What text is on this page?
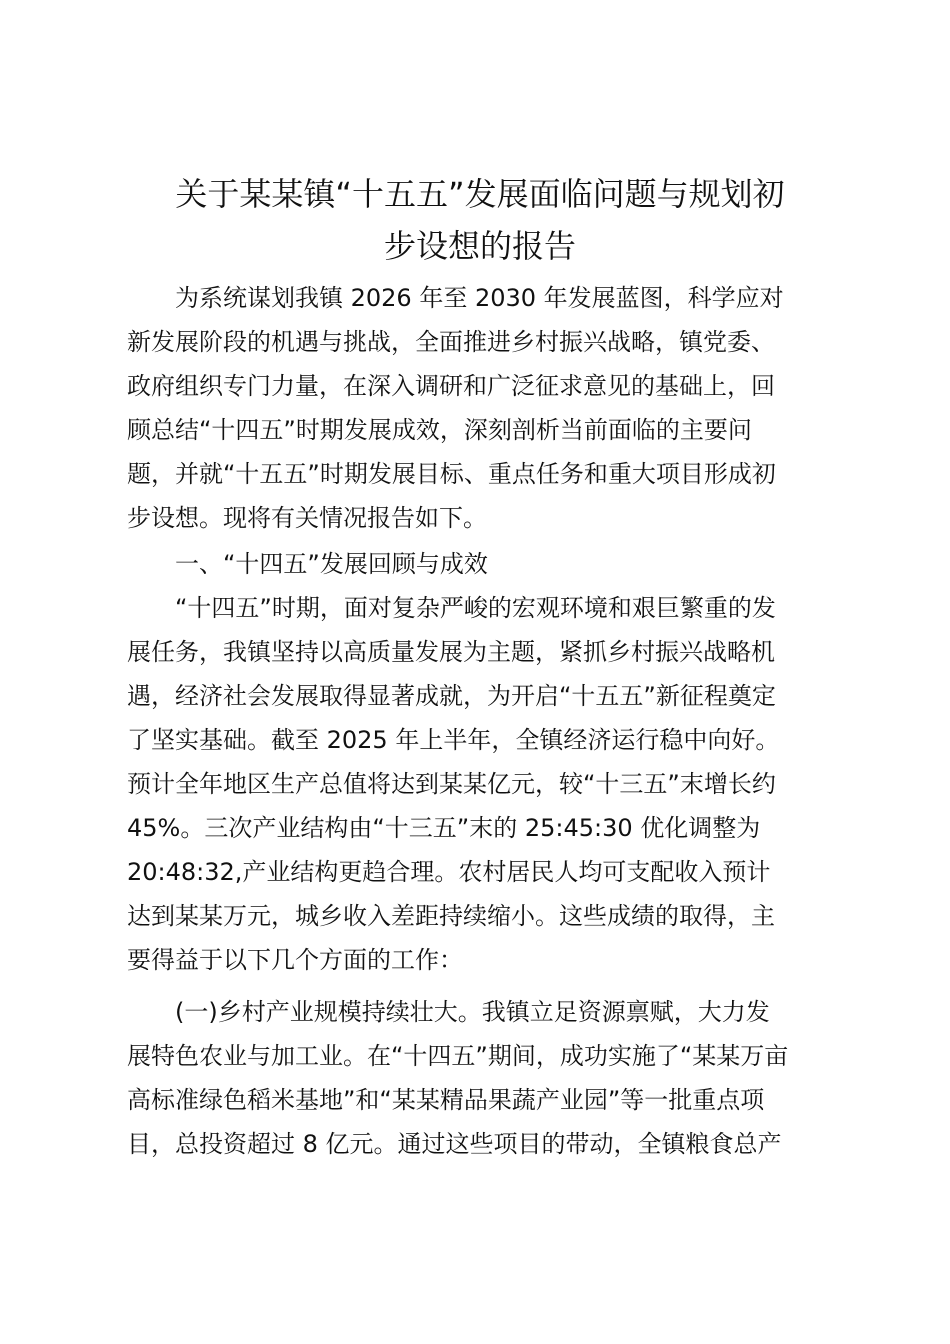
关于某某镇“十五五”发展面临问题与规划初
步设想的报告

为系统谋划我镇 2026 年至 2030 年发展蓝图，科学应对

新发展阶段的机遇与挑战，全面推进乡村振兴战略，镇党委、

政府组织专门力量，在深入调研和广泛征求意见的基础上，回

顾总结“十四五”时期发展成效，深刻剖析当前面临的主要问

题，并就“十五五”时期发展目标、重点任务和重大项目形成初

步设想。现将有关情况报告如下。

一、“十四五”发展回顾与成效

“十四五”时期，面对复杂严峻的宏观环境和艰巨繁重的发

展任务，我镇坚持以高质量发展为主题，紧抓乡村振兴战略机

遇，经济社会发展取得显著成就，为开启“十五五”新征程奠定

了坚实基础。截至 2025 年上半年，全镇经济运行稳中向好。

预计全年地区生产总值将达到某某亿元，较“十三五”末增长约

45%。三次产业结构由“十三五”末的 25:45:30 优化调整为

20:48:32,产业结构更趋合理。农村居民人均可支配收入预计

达到某某万元，城乡收入差距持续缩小。这些成绩的取得，主

要得益于以下几个方面的工作：

(一)乡村产业规模持续壮大。我镇立足资源禀赋，大力发

展特色农业与加工业。在“十四五”期间，成功实施了“某某万亩

高标准绿色稻米基地”和“某某精品果蔬产业园”等一批重点项

目，总投资超过 8 亿元。通过这些项目的带动，全镇粮食总产
